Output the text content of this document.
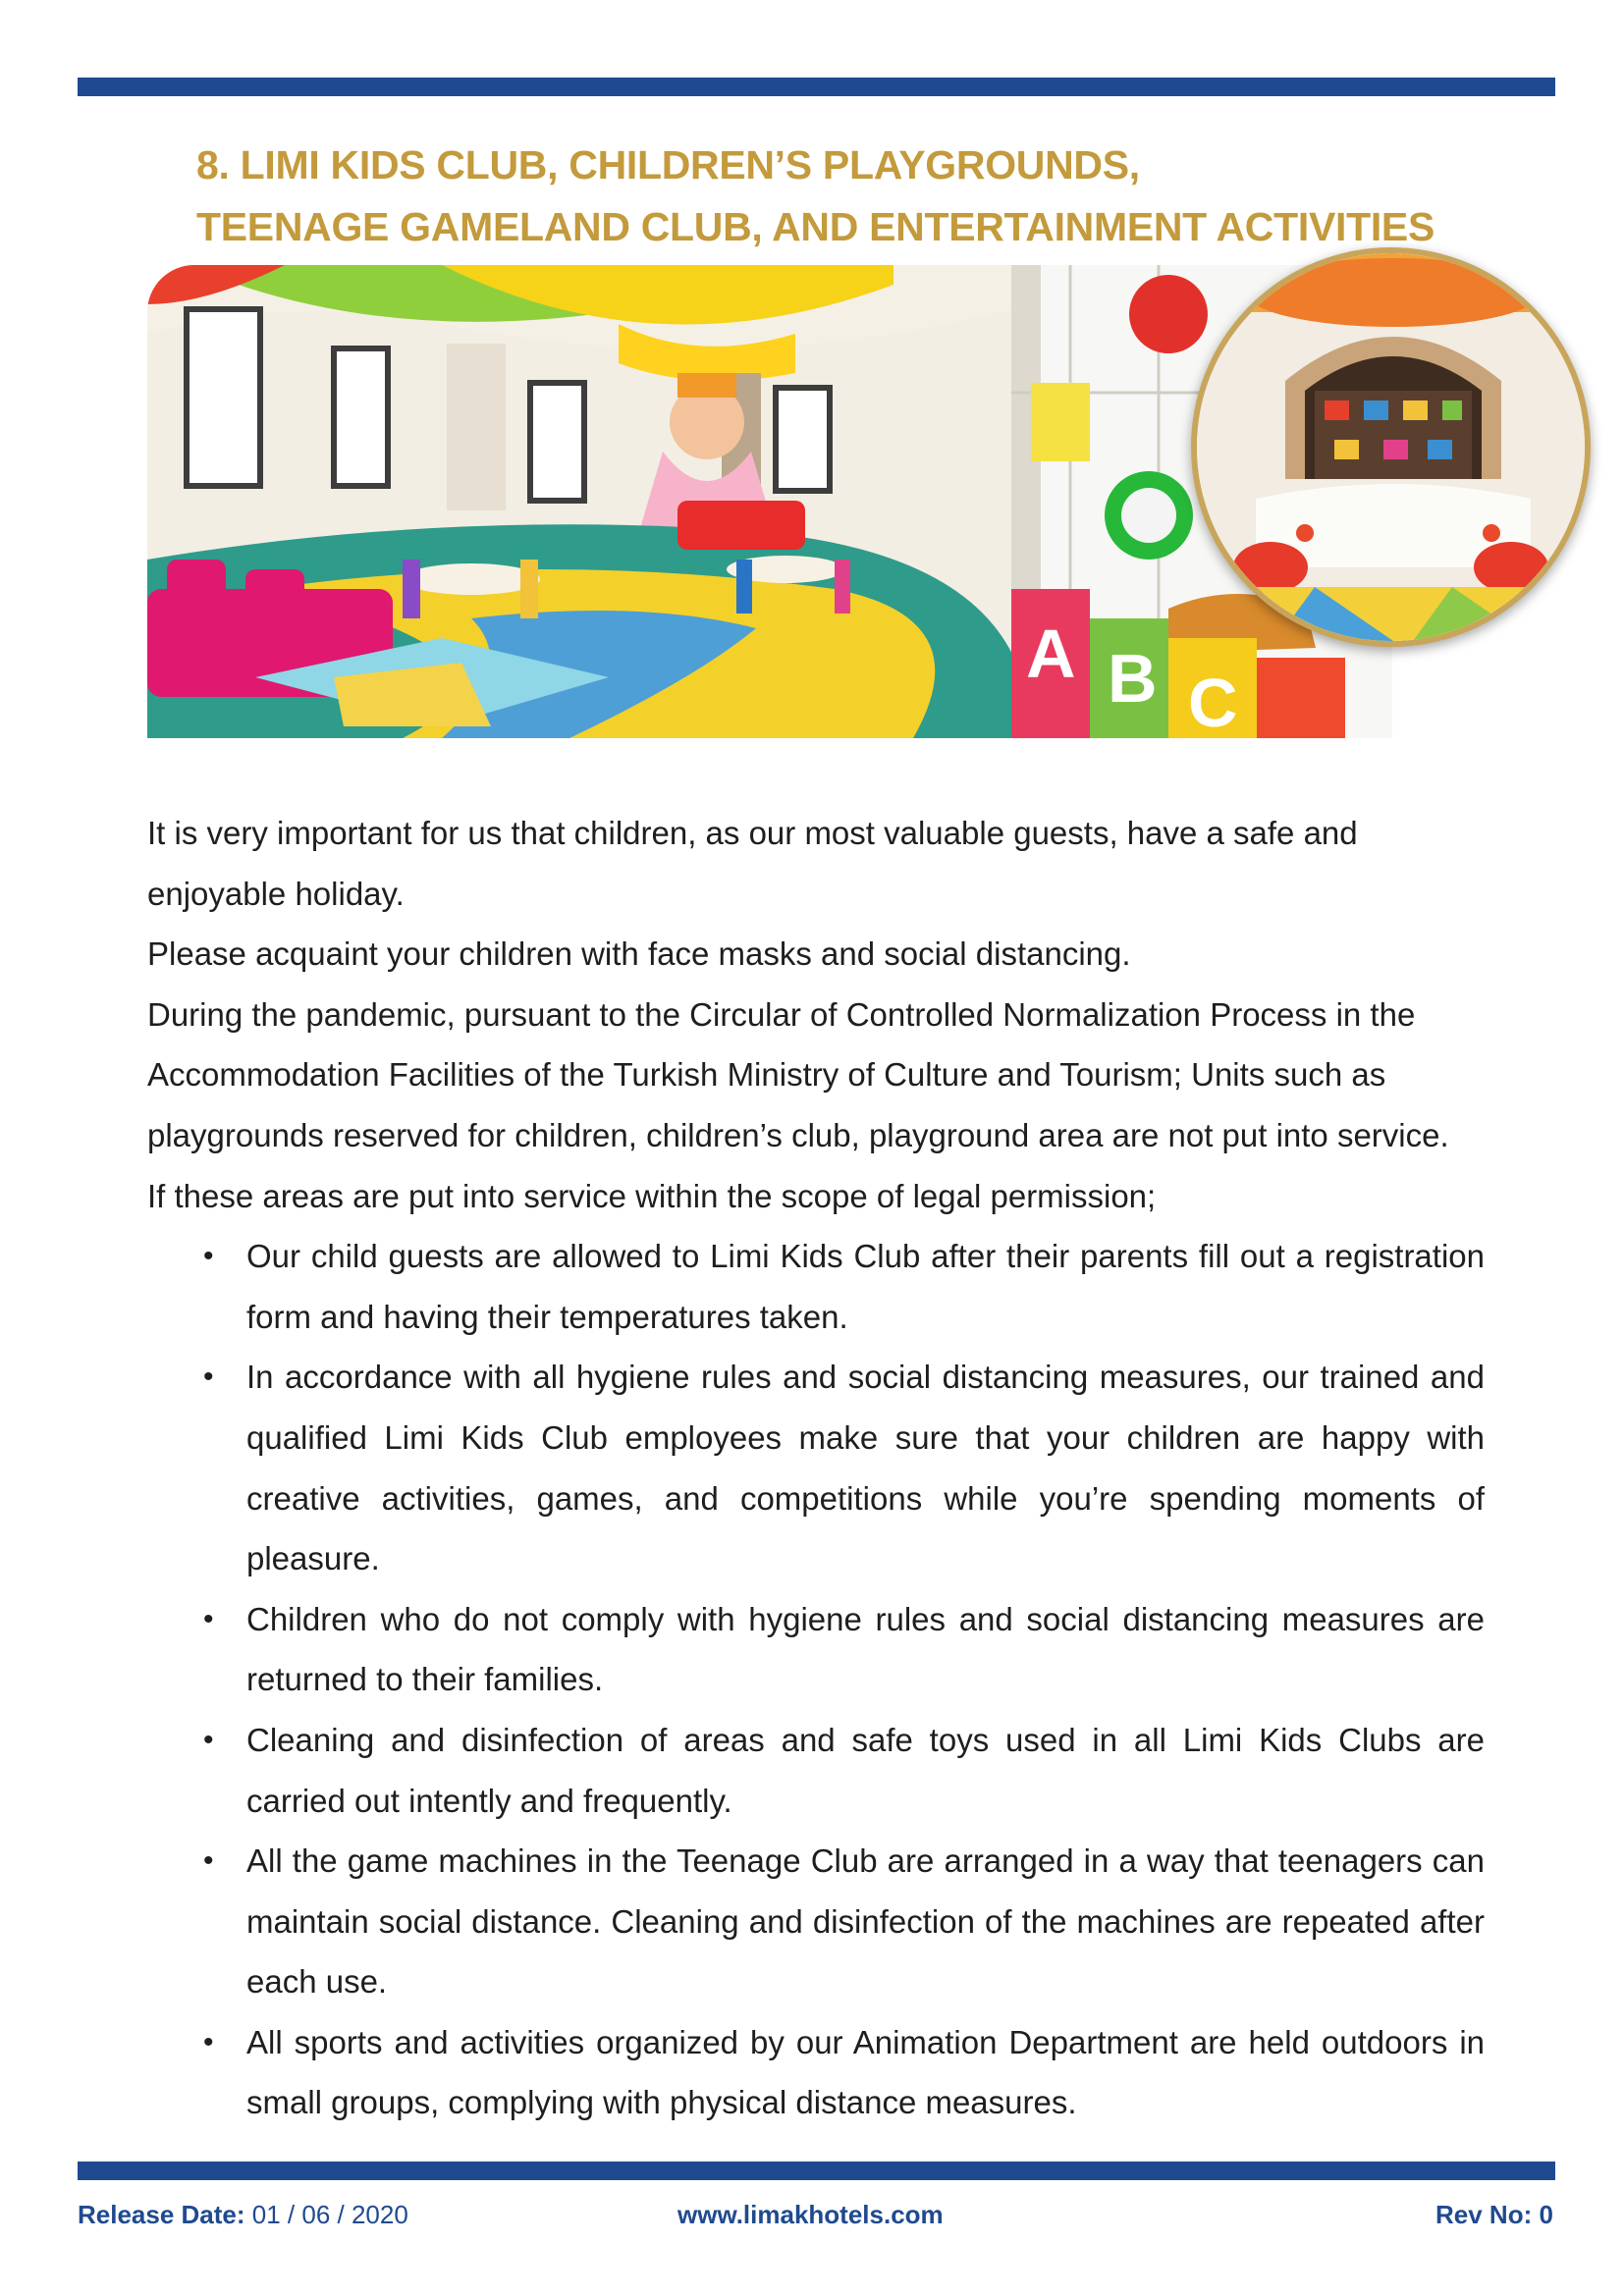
8. LIMI KIDS CLUB, CHILDREN’S PLAYGROUNDS,
TEENAGE GAMELAND CLUB, AND ENTERTAINMENT ACTIVITIES
A B C

It is very important for us that children, as our most valuable guests, have a safe and enjoyable holiday.

Please acquaint your children with face masks and social distancing.

During the pandemic, pursuant to the Circular of Controlled Normalization Process in the Accommodation Facilities of the Turkish Ministry of Culture and Tourism; Units such as playgrounds reserved for children, children’s club, playground area are not put into service.

If these areas are put into service within the scope of legal permission;

• Our child guests are allowed to Limi Kids Club after their parents fill out a registration form and having their temperatures taken.
• In accordance with all hygiene rules and social distancing measures, our trained and qualified Limi Kids Club employees make sure that your children are happy with creative activities, games, and competitions while you’re spending moments of pleasure.
• Children who do not comply with hygiene rules and social distancing measures are returned to their families.
• Cleaning and disinfection of areas and safe toys used in all Limi Kids Clubs are carried out intently and frequently.
• All the game machines in the Teenage Club are arranged in a way that teenagers can maintain social distance. Cleaning and disinfection of the machines are repeated after each use.
• All sports and activities organized by our Animation Department are held outdoors in small groups, complying with physical distance measures.
Release Date: 01 / 06 / 2020	www.limakhotels.com	Rev No: 0
